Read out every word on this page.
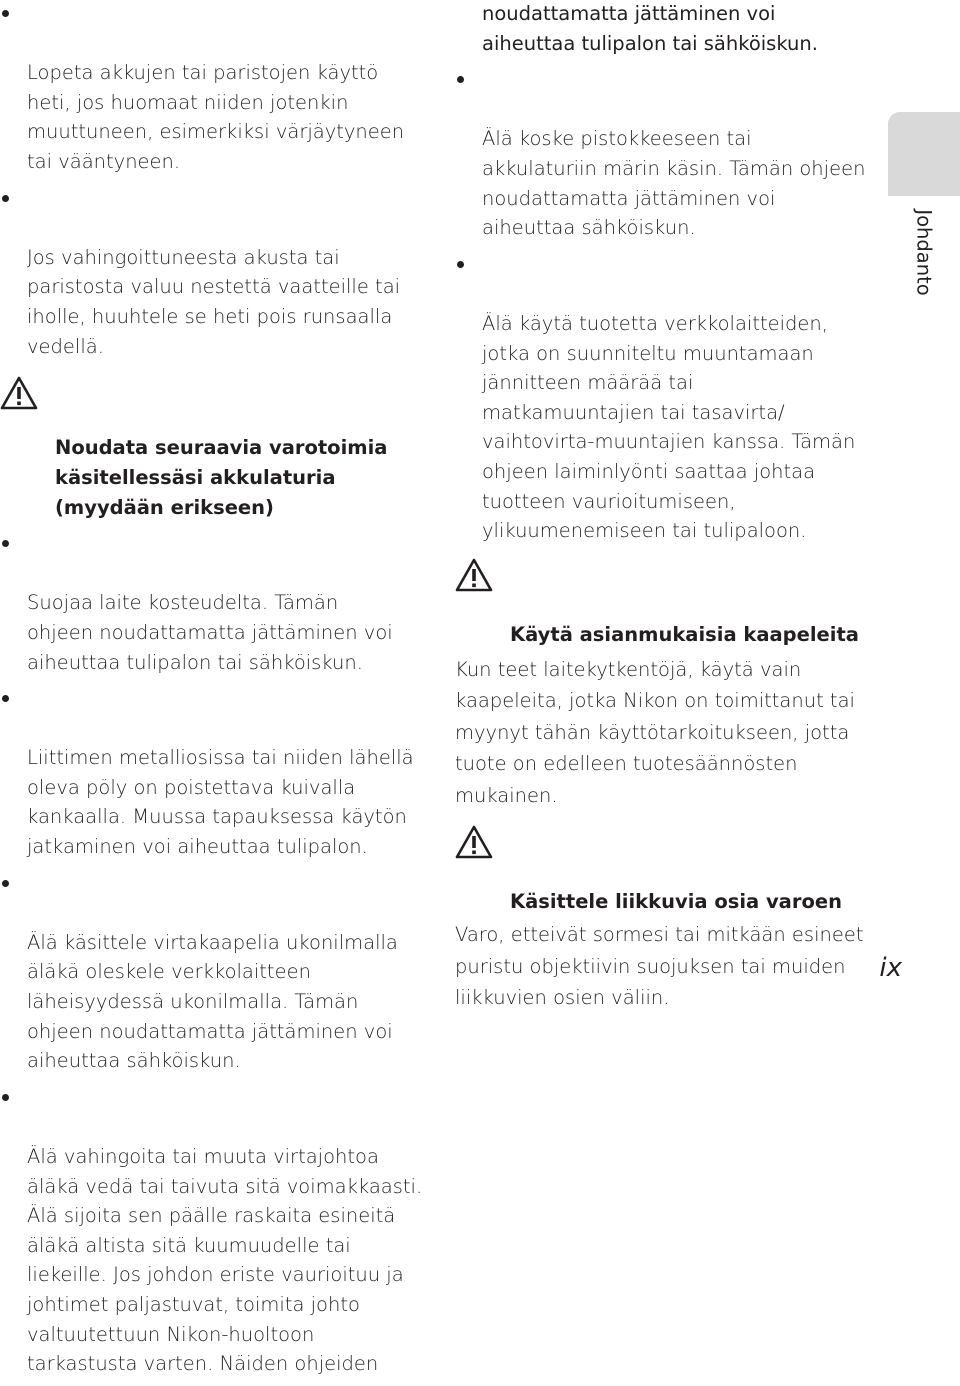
Lopeta akkujen tai paristojen käyttö
heti, jos huomaat niiden jotenkin
muuttuneen, esimerkiksi värjäytyneen
tai vääntyneen.

Jos vahingoittuneesta akusta tai
paristosta valuu nestettä vaatteille tai
iholle, huuhtele se heti pois runsaalla
vedellä.

Noudata seuraavia varotoimia
käsitellessäsi akkulaturia
(myydään erikseen)

Suojaa laite kosteudelta. Tämän
ohjeen noudattamatta jättäminen voi
aiheuttaa tulipalon tai sähköiskun.

Liittimen metalliosissa tai niiden lähellä
oleva pöly on poistettava kuivalla
kankaalla. Muussa tapauksessa käytön
jatkaminen voi aiheuttaa tulipalon.

Älä käsittele virtakaapelia ukonilmalla
äläkä oleskele verkkolaitteen
läheisyydessä ukonilmalla. Tämän
ohjeen noudattamatta jättäminen voi
aiheuttaa sähköiskun.

Älä vahingoita tai muuta virtajohtoa
äläkä vedä tai taivuta sitä voimakkaasti.
Älä sijoita sen päälle raskaita esineitä
äläkä altista sitä kuumuudelle tai
liekeille. Jos johdon eriste vaurioituu ja
johtimet paljastuvat, toimita johto
valtuutettuun Nikon-huoltoon
tarkastusta varten. Näiden ohjeiden

noudattamatta jättäminen voi
aiheuttaa tulipalon tai sähköiskun.

Älä koske pistokkeeseen tai
akkulaturiin märin käsin. Tämän ohjeen
noudattamatta jättäminen voi
aiheuttaa sähköiskun.

Älä käytä tuotetta verkkolaitteiden,
jotka on suunniteltu muuntamaan
jännitteen määrää tai
matkamuuntajien tai tasavirta/
vaihtovirta-muuntajien kanssa. Tämän
ohjeen laiminlyönti saattaa johtaa
tuotteen vaurioitumiseen,
ylikuumenemiseen tai tulipaloon.

Käytä asianmukaisia kaapeleita

Kun teet laitekytkentöjä, käytä vain
kaapeleita, jotka Nikon on toimittanut tai
myynyt tähän käyttötarkoitukseen, jotta
tuote on edelleen tuotesäännösten
mukainen.

Käsittele liikkuvia osia varoen

Varo, etteivät sormesi tai mitkään esineet
puristu objektiivin suojuksen tai muiden
liikkuvien osien väliin.

Johdanto
ix
